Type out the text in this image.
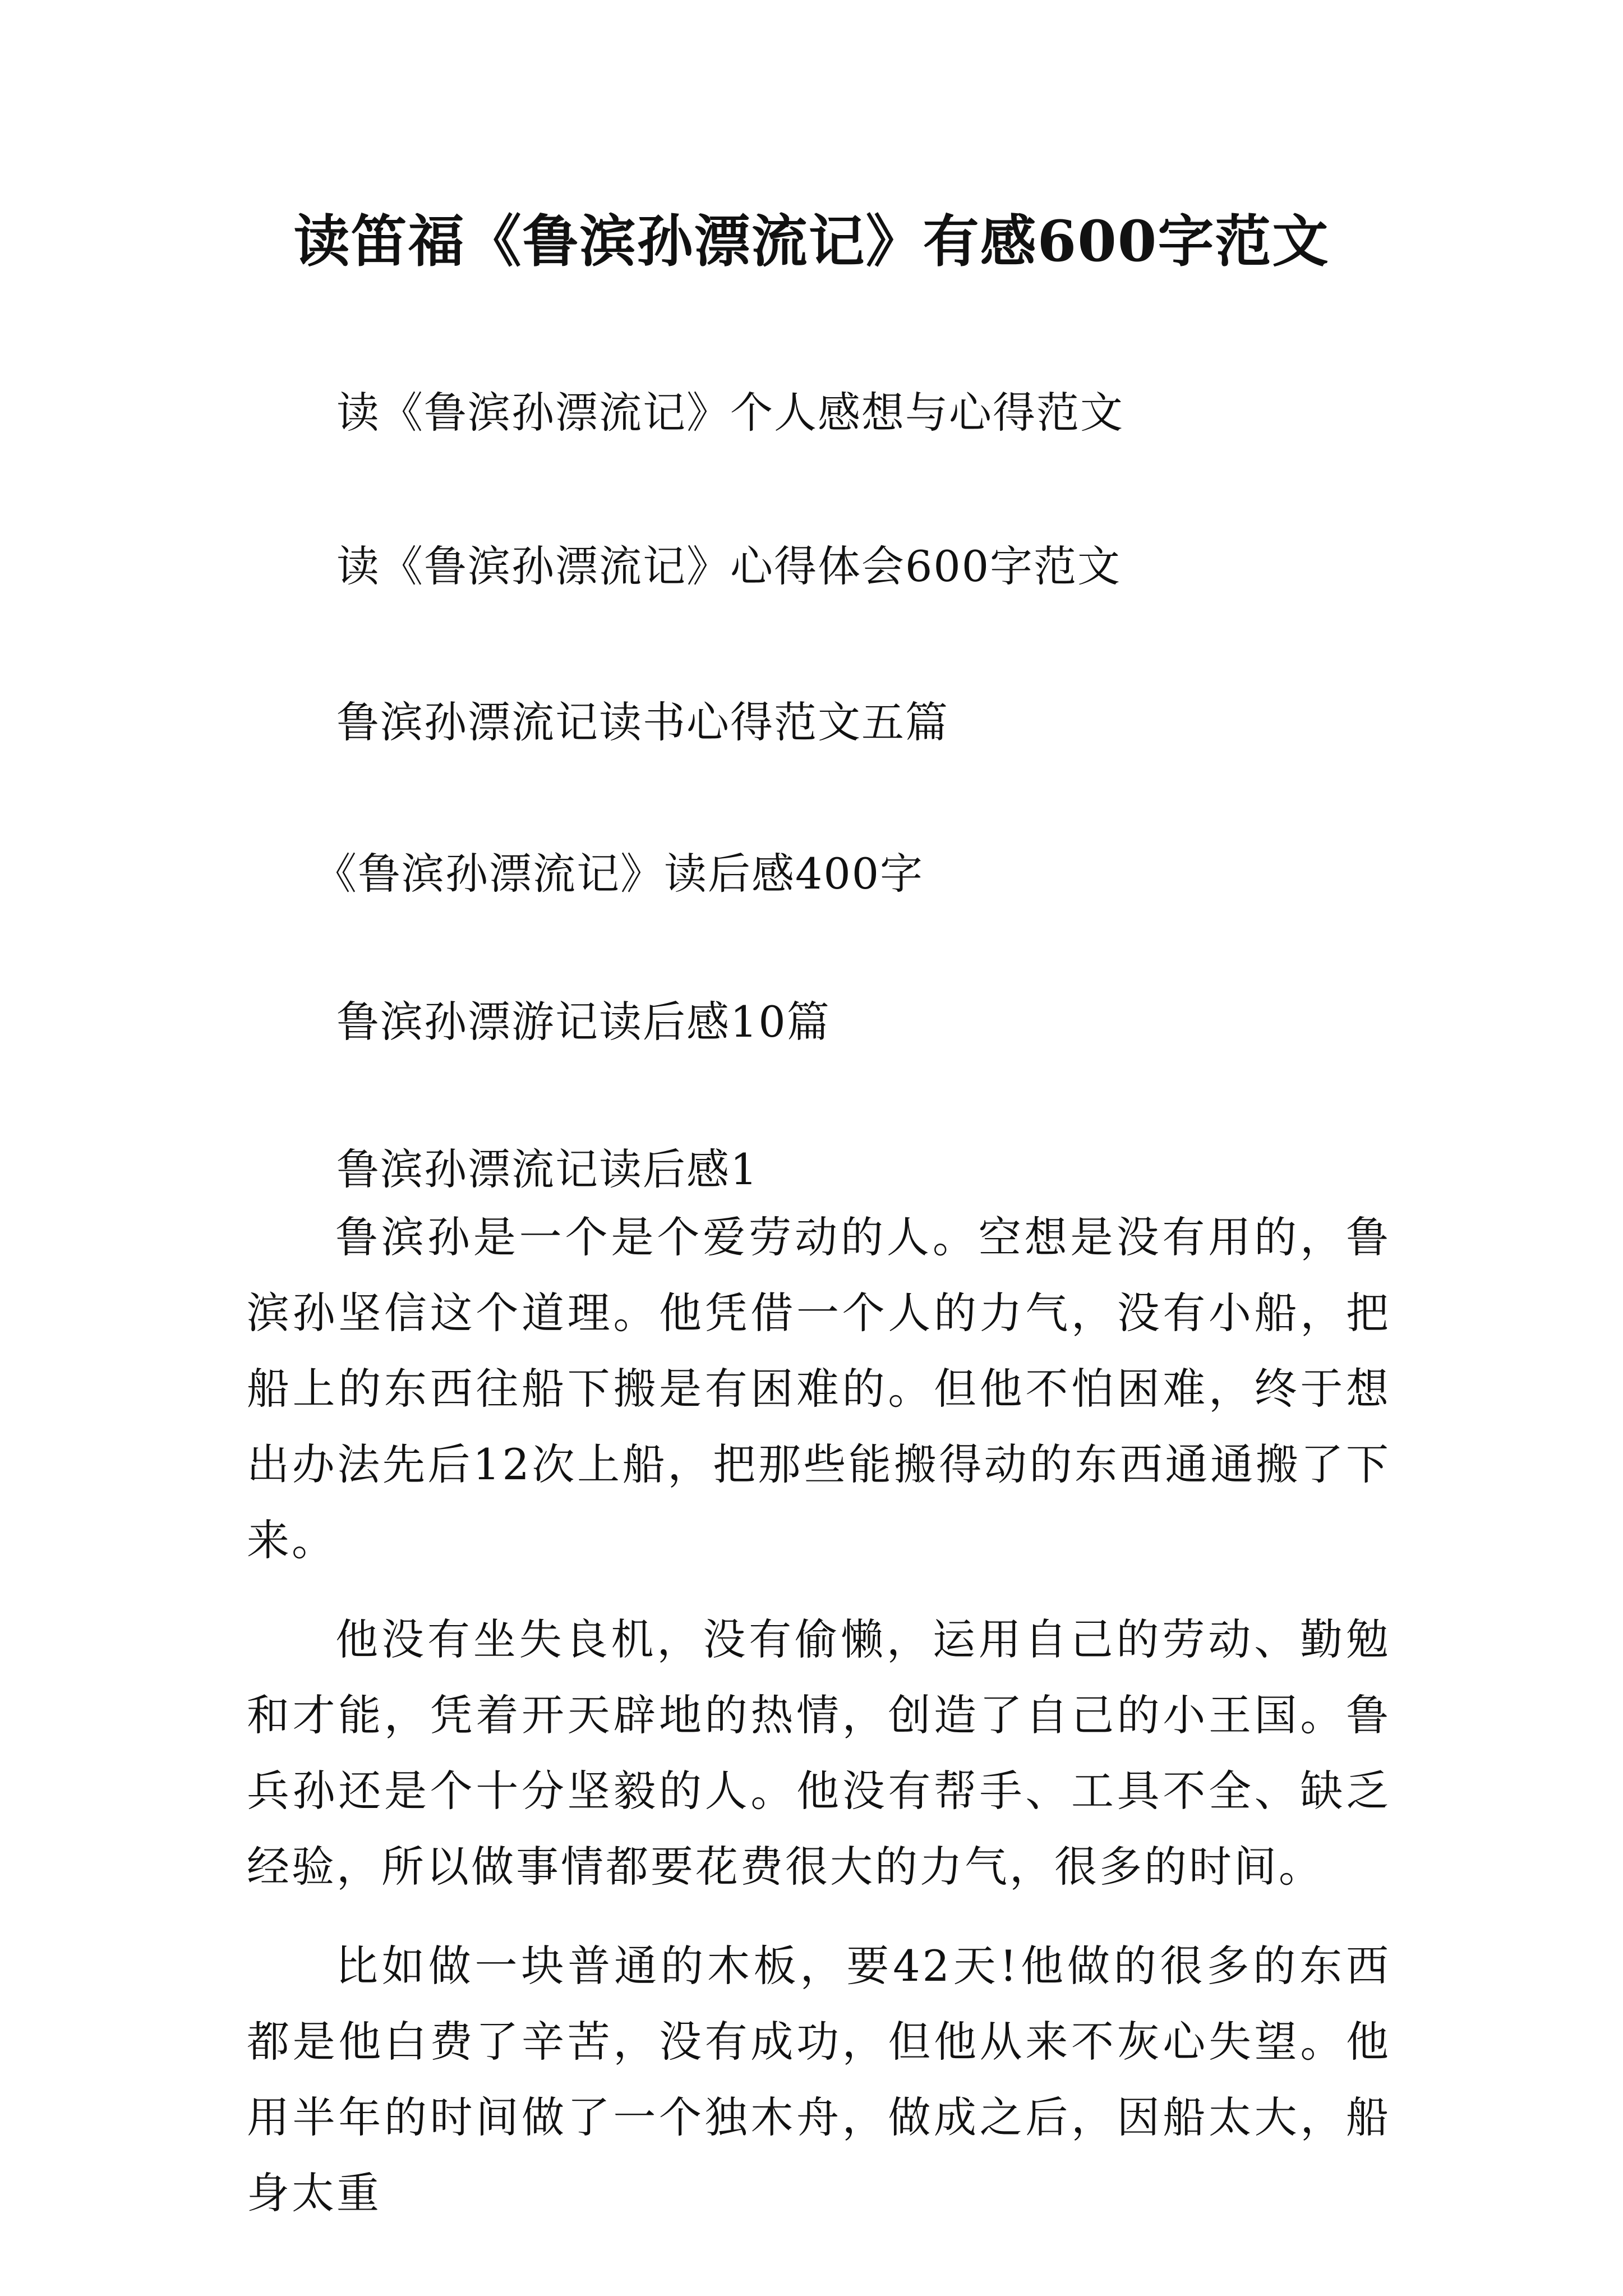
读笛福《鲁滨孙漂流记》有感600字范文
读《鲁滨孙漂流记》个人感想与心得范文
读《鲁滨孙漂流记》心得体会600字范文
鲁滨孙漂流记读书心得范文五篇
《鲁滨孙漂流记》读后感400字
鲁滨孙漂游记读后感10篇
鲁滨孙漂流记读后感1

鲁滨孙是一个是个爱劳动的人。空想是没有用的，鲁滨孙坚信这个道理。他凭借一个人的力气，没有小船，把船上的东西往船下搬是有困难的。但他不怕困难，终于想出办法先后12次上船，把那些能搬得动的东西通通搬了下来。

他没有坐失良机，没有偷懒，运用自己的劳动、勤勉和才能，凭着开天辟地的热情，创造了自己的小王国。鲁兵孙还是个十分坚毅的人。他没有帮手、工具不全、缺乏经验，所以做事情都要花费很大的力气，很多的时间。

比如做一块普通的木板，要42天!他做的很多的东西都是他白费了辛苦，没有成功，但他从来不灰心失望。他用半年的时间做了一个独木舟，做成之后，因船太大，船身太重
